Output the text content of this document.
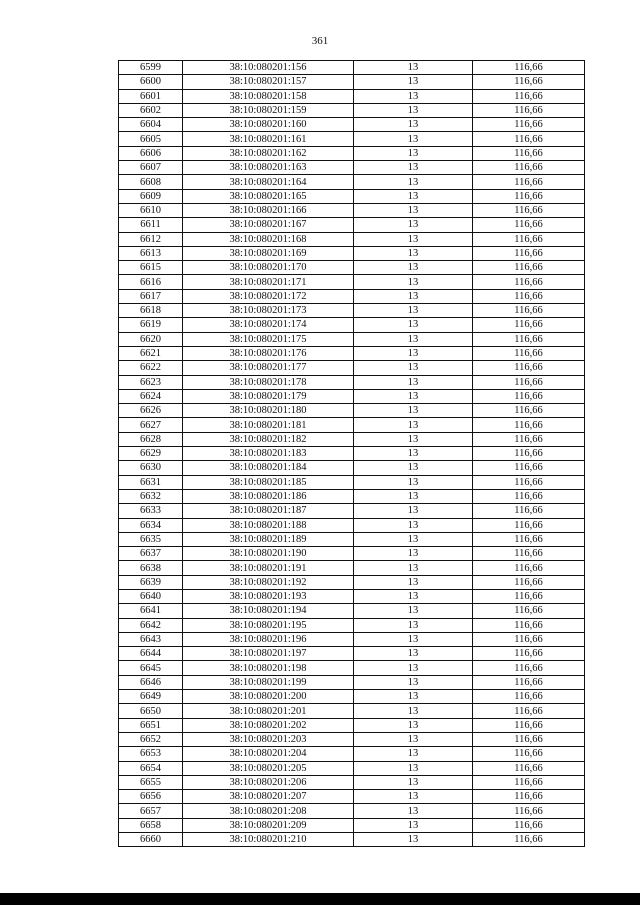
361
6599	38:10:080201:156	13	116,66
6600	38:10:080201:157	13	116,66
6601	38:10:080201:158	13	116,66
6602	38:10:080201:159	13	116,66
6604	38:10:080201:160	13	116,66
6605	38:10:080201:161	13	116,66
6606	38:10:080201:162	13	116,66
6607	38:10:080201:163	13	116,66
6608	38:10:080201:164	13	116,66
6609	38:10:080201:165	13	116,66
6610	38:10:080201:166	13	116,66
6611	38:10:080201:167	13	116,66
6612	38:10:080201:168	13	116,66
6613	38:10:080201:169	13	116,66
6615	38:10:080201:170	13	116,66
6616	38:10:080201:171	13	116,66
6617	38:10:080201:172	13	116,66
6618	38:10:080201:173	13	116,66
6619	38:10:080201:174	13	116,66
6620	38:10:080201:175	13	116,66
6621	38:10:080201:176	13	116,66
6622	38:10:080201:177	13	116,66
6623	38:10:080201:178	13	116,66
6624	38:10:080201:179	13	116,66
6626	38:10:080201:180	13	116,66
6627	38:10:080201:181	13	116,66
6628	38:10:080201:182	13	116,66
6629	38:10:080201:183	13	116,66
6630	38:10:080201:184	13	116,66
6631	38:10:080201:185	13	116,66
6632	38:10:080201:186	13	116,66
6633	38:10:080201:187	13	116,66
6634	38:10:080201:188	13	116,66
6635	38:10:080201:189	13	116,66
6637	38:10:080201:190	13	116,66
6638	38:10:080201:191	13	116,66
6639	38:10:080201:192	13	116,66
6640	38:10:080201:193	13	116,66
6641	38:10:080201:194	13	116,66
6642	38:10:080201:195	13	116,66
6643	38:10:080201:196	13	116,66
6644	38:10:080201:197	13	116,66
6645	38:10:080201:198	13	116,66
6646	38:10:080201:199	13	116,66
6649	38:10:080201:200	13	116,66
6650	38:10:080201:201	13	116,66
6651	38:10:080201:202	13	116,66
6652	38:10:080201:203	13	116,66
6653	38:10:080201:204	13	116,66
6654	38:10:080201:205	13	116,66
6655	38:10:080201:206	13	116,66
6656	38:10:080201:207	13	116,66
6657	38:10:080201:208	13	116,66
6658	38:10:080201:209	13	116,66
6660	38:10:080201:210	13	116,66
